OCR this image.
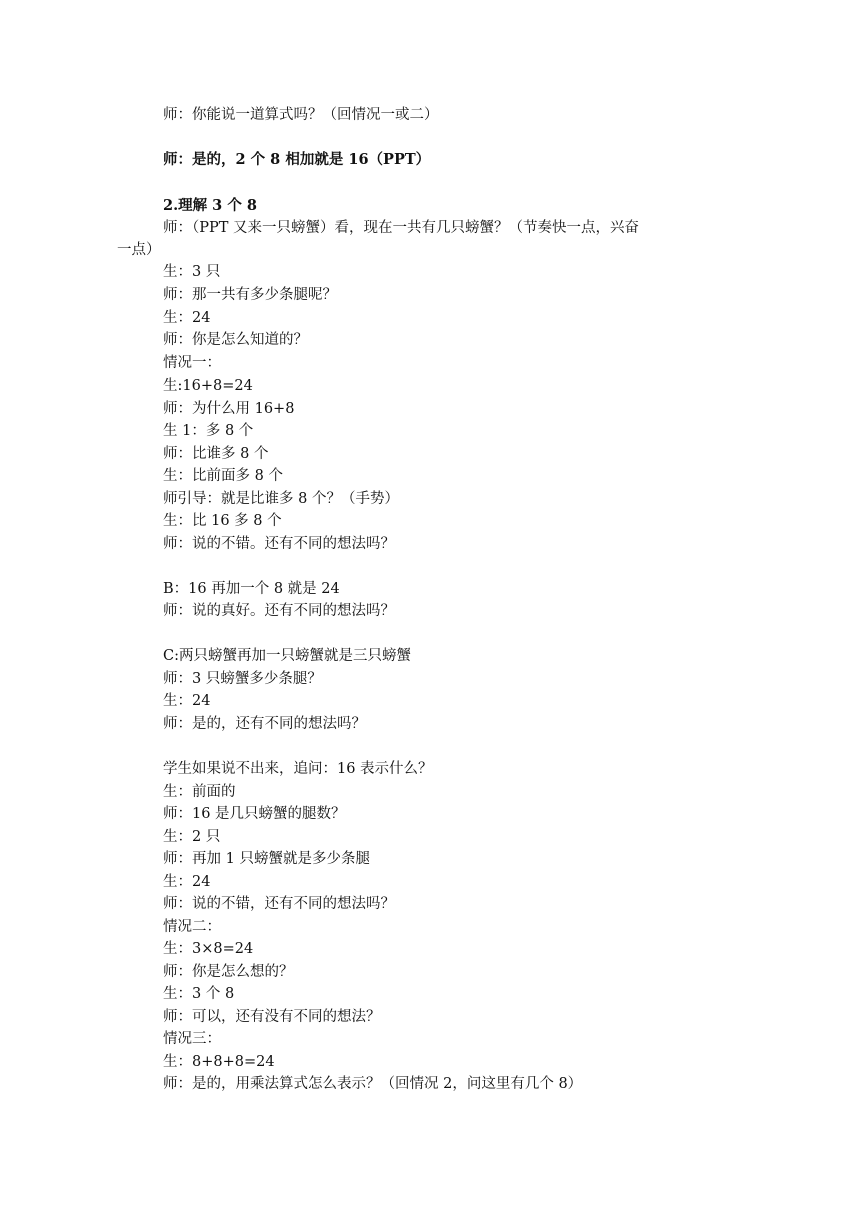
师：你能说一道算式吗？（回情况一或二）
师：是的，2 个 8 相加就是 16（PPT）
2.理解 3 个 8
师：（PPT 又来一只螃蟹）看，现在一共有几只螃蟹？（节奏快一点，兴奋
一点）
生：3 只
师：那一共有多少条腿呢？
生：24
师：你是怎么知道的？
情况一：
生:16+8=24
师：为什么用 16+8
生 1：多 8 个
师：比谁多 8 个
生：比前面多 8 个
师引导：就是比谁多 8 个？（手势）
生：比 16 多 8 个
师：说的不错。还有不同的想法吗？
B：16 再加一个 8 就是 24
师：说的真好。还有不同的想法吗？
C:两只螃蟹再加一只螃蟹就是三只螃蟹
师：3 只螃蟹多少条腿？
生：24
师：是的，还有不同的想法吗？
学生如果说不出来，追问：16 表示什么？
生：前面的
师：16 是几只螃蟹的腿数？
生：2 只
师：再加 1 只螃蟹就是多少条腿
生：24
师：说的不错，还有不同的想法吗？
情况二：
生：3×8=24
师：你是怎么想的？
生：3 个 8
师：可以，还有没有不同的想法？
情况三：
生：8+8+8=24
师：是的，用乘法算式怎么表示？（回情况 2，问这里有几个 8）
